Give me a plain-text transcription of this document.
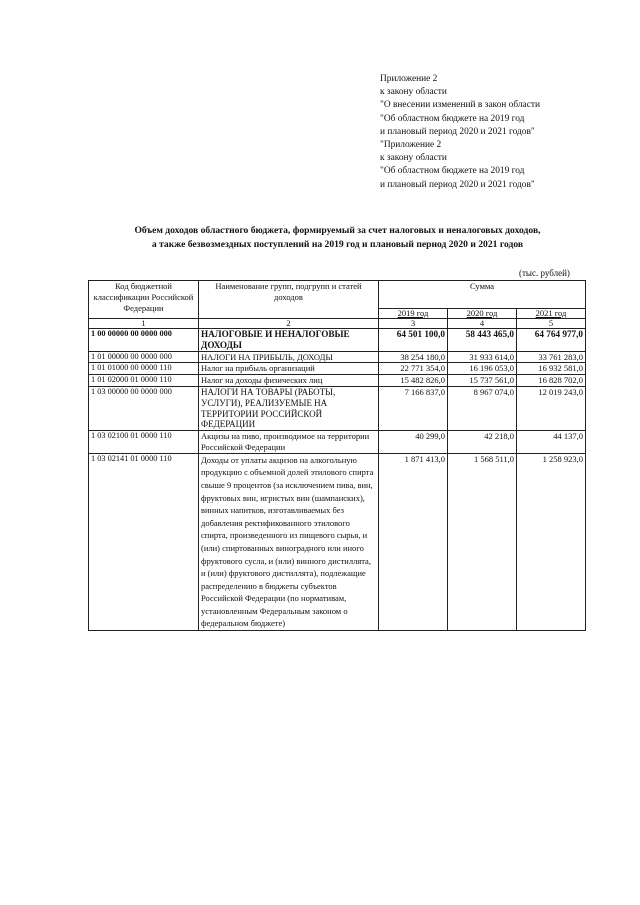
Приложение 2
к закону области
"О внесении изменений в закон области
"Об областном бюджете на 2019 год
и плановый период 2020 и 2021 годов"
"Приложение 2
к закону области
"Об областном бюджете на 2019 год
и плановый период 2020 и 2021 годов"
Объем доходов областного бюджета, формируемый за счет налоговых и неналоговых доходов,
а также безвозмездных поступлений на 2019 год и плановый период 2020 и 2021 годов
(тыс. рублей)
Код бюджетной классификации Российской Федерации	Наименование групп, подгрупп и статей доходов	Сумма		
		2019 год	2020 год	2021 год
1	2	3	4	5
1 00 00000 00 0000 000	НАЛОГОВЫЕ И НЕНАЛОГОВЫЕ ДОХОДЫ	64 501 100,0	58 443 465,0	64 764 977,0
1 01 00000 00 0000 000	НАЛОГИ НА ПРИБЫЛЬ, ДОХОДЫ	38 254 180,0	31 933 614,0	33 761 283,0
1 01 01000 00 0000 110	Налог на прибыль организаций	22 771 354,0	16 196 053,0	16 932 581,0
1 01 02000 01 0000 110	Налог на доходы физических лиц	15 482 826,0	15 737 561,0	16 828 702,0
1 03 00000 00 0000 000	НАЛОГИ НА ТОВАРЫ (РАБОТЫ, УСЛУГИ), РЕАЛИЗУЕМЫЕ НА ТЕРРИТОРИИ РОССИЙСКОЙ ФЕДЕРАЦИИ	7 166 837,0	8 967 074,0	12 019 243,0
1 03 02100 01 0000 110	Акцизы на пиво, производимое на территории Российской Федерации	40 299,0	42 218,0	44 137,0
1 03 02141 01 0000 110	Доходы от уплаты акцизов на алкогольную продукцию с объемной долей этилового спирта свыше 9 процентов (за исключением пива, вин, фруктовых вин, игристых вин (шампанских), винных напитков, изготавливаемых без добавления ректификованного этилового спирта, произведенного из пищевого сырья, и (или) спиртованных виноградного или иного фруктового сусла, и (или) винного дистиллята, и (или) фруктового дистиллята), подлежащие распределению в бюджеты субъектов Российской Федерации (по нормативам, установленным Федеральным законом о федеральном бюджете)	1 871 413,0	1 568 511,0	1 258 923,0
